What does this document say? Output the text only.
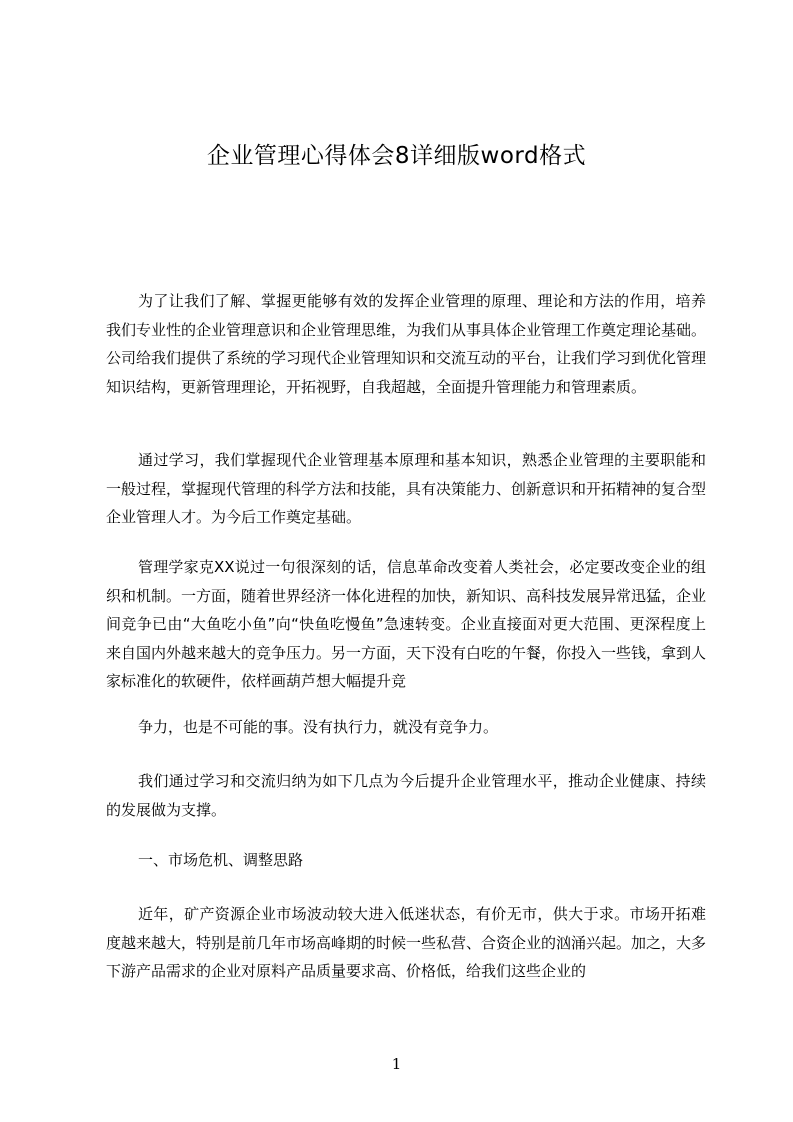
企业管理心得体会8详细版word格式

为了让我们了解、掌握更能够有效的发挥企业管理的原理、理论和方法的作用，培养我们专业性的企业管理意识和企业管理思维，为我们从事具体企业管理工作奠定理论基础。公司给我们提供了系统的学习现代企业管理知识和交流互动的平台，让我们学习到优化管理知识结构，更新管理理论，开拓视野，自我超越，全面提升管理能力和管理素质。

通过学习，我们掌握现代企业管理基本原理和基本知识，熟悉企业管理的主要职能和一般过程，掌握现代管理的科学方法和技能，具有决策能力、创新意识和开拓精神的复合型企业管理人才。为今后工作奠定基础。

管理学家克XX说过一句很深刻的话，信息革命改变着人类社会，必定要改变企业的组织和机制。一方面，随着世界经济一体化进程的加快，新知识、高科技发展异常迅猛，企业间竞争已由“大鱼吃小鱼”向“快鱼吃慢鱼”急速转变。企业直接面对更大范围、更深程度上来自国内外越来越大的竞争压力。另一方面，天下没有白吃的午餐，你投入一些钱，拿到人家标准化的软硬件，依样画葫芦想大幅提升竞

争力，也是不可能的事。没有执行力，就没有竞争力。

我们通过学习和交流归纳为如下几点为今后提升企业管理水平，推动企业健康、持续的发展做为支撑。

一、市场危机、调整思路

近年，矿产资源企业市场波动较大进入低迷状态，有价无市，供大于求。市场开拓难度越来越大，特别是前几年市场高峰期的时候一些私营、合资企业的汹涌兴起。加之，大多下游产品需求的企业对原料产品质量要求高、价格低，给我们这些企业的

1
